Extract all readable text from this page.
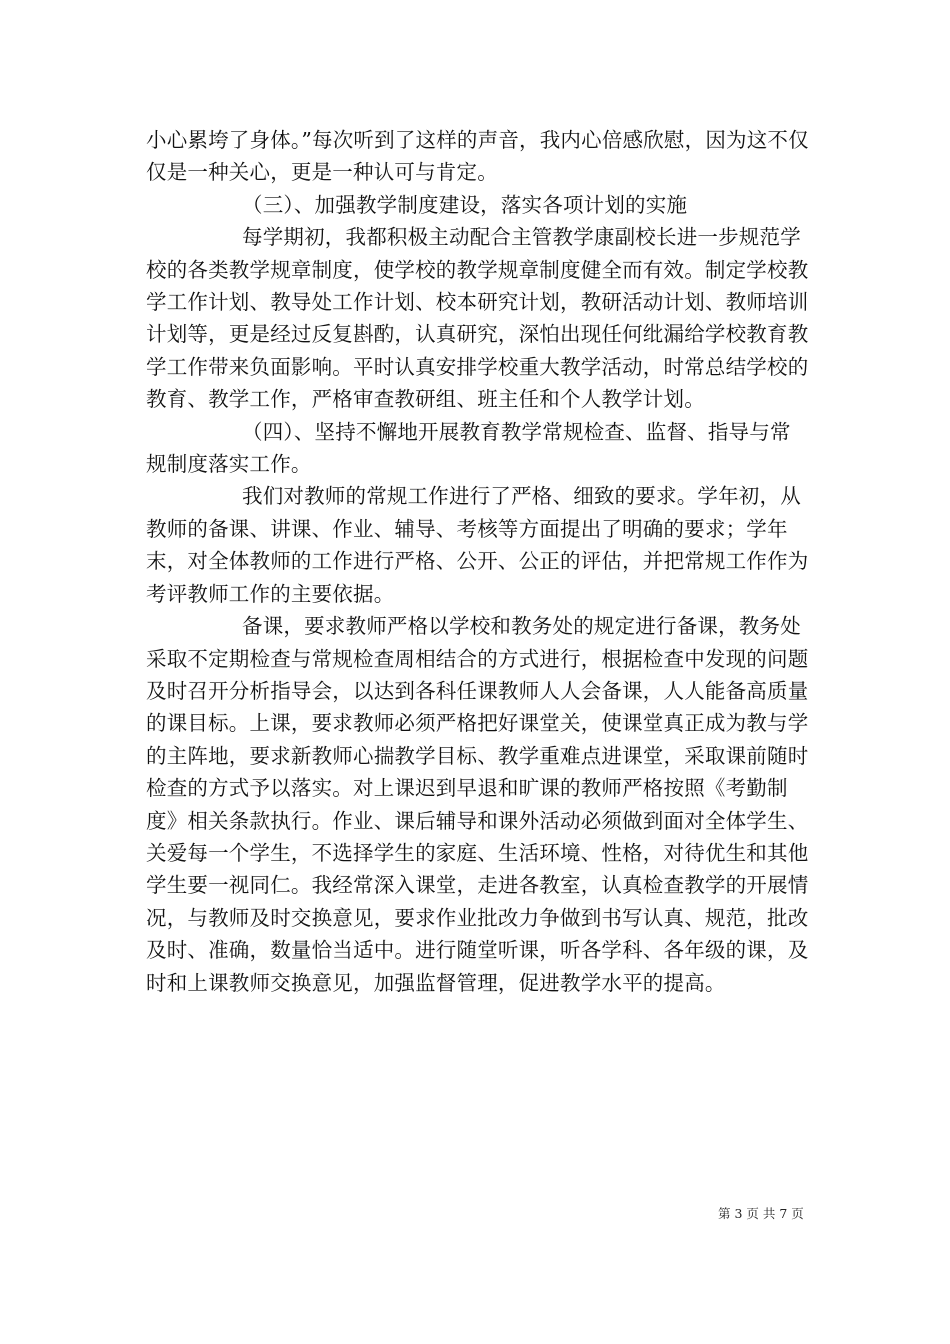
小心累垮了身体。”每次听到了这样的声音，我内心倍感欣慰，因为这不仅仅是一种关心，更是一种认可与肯定。

（三）、加强教学制度建设，落实各项计划的实施

每学期初，我都积极主动配合主管教学康副校长进一步规范学校的各类教学规章制度，使学校的教学规章制度健全而有效。制定学校教学工作计划、教导处工作计划、校本研究计划，教研活动计划、教师培训计划等，更是经过反复斟酌，认真研究，深怕出现任何纰漏给学校教育教学工作带来负面影响。平时认真安排学校重大教学活动，时常总结学校的教育、教学工作，严格审查教研组、班主任和个人教学计划。

（四）、坚持不懈地开展教育教学常规检查、监督、指导与常规制度落实工作。

我们对教师的常规工作进行了严格、细致的要求。学年初，从教师的备课、讲课、作业、辅导、考核等方面提出了明确的要求；学年末，对全体教师的工作进行严格、公开、公正的评估，并把常规工作作为考评教师工作的主要依据。

备课，要求教师严格以学校和教务处的规定进行备课，教务处采取不定期检查与常规检查周相结合的方式进行，根据检查中发现的问题及时召开分析指导会，以达到各科任课教师人人会备课，人人能备高质量的课目标。上课，要求教师必须严格把好课堂关，使课堂真正成为教与学的主阵地，要求新教师心揣教学目标、教学重难点进课堂，采取课前随时检查的方式予以落实。对上课迟到早退和旷课的教师严格按照《考勤制度》相关条款执行。作业、课后辅导和课外活动必须做到面对全体学生、关爱每一个学生，不选择学生的家庭、生活环境、性格，对待优生和其他学生要一视同仁。我经常深入课堂，走进各教室，认真检查教学的开展情况，与教师及时交换意见，要求作业批改力争做到书写认真、规范，批改及时、准确，数量恰当适中。进行随堂听课，听各学科、各年级的课，及时和上课教师交换意见，加强监督管理，促进教学水平的提高。

第 3 页 共 7 页
